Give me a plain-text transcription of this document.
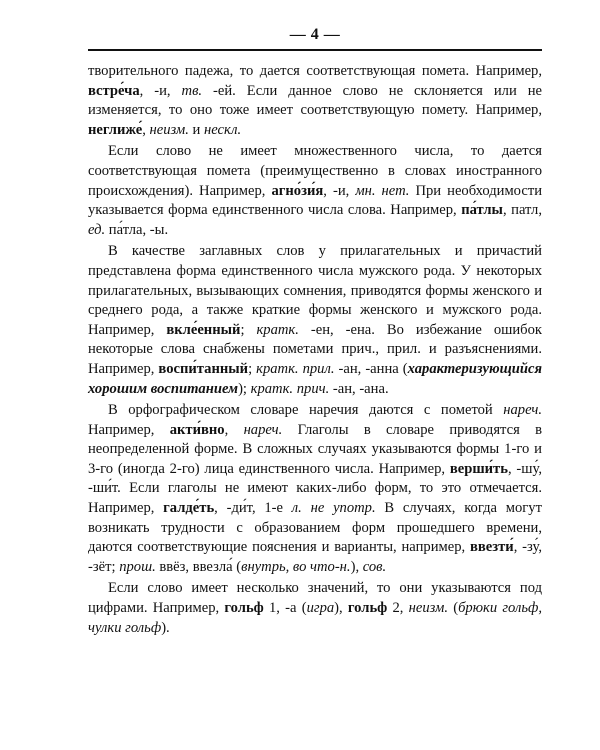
— 4 —

творительного падежа, то дается соответствующая помета. Например, встре́ча, -и, тв. -ей. Если данное слово не склоняется или не изменяется, то оно тоже имеет соответствующую помету. Например, неглиже́, неизм. и нескл.

Если слово не имеет множественного числа, то дается соответствующая помета (преимущественно в словах иностранного происхождения). Например, агно́зи́я, -и, мн. нет. При необходимости указывается форма единственного числа слова. Например, па́тлы, патл, ед. па́тла, -ы.

В качестве заглавных слов у прилагательных и причастий представлена форма единственного числа мужского рода. У некоторых прилагательных, вызывающих сомнения, приводятся формы женского и среднего рода, а также краткие формы женского и мужского рода. Например, вкле́енный; кратк. -ен, -ена. Во избежание ошибок некоторые слова снабжены пометами прич., прил. и разъяснениями. Например, воспи́танный; кратк. прил. -ан, -анна (характеризующийся хорошим воспитанием); кратк. прич. -ан, -ана.

В орфографическом словаре наречия даются с пометой нареч. Например, акти́вно, нареч. Глаголы в словаре приводятся в неопределенной форме. В сложных случаях указываются формы 1-го и 3-го (иногда 2-го) лица единственного числа. Например, верши́ть, -шу́, -ши́т. Если глаголы не имеют каких-либо форм, то это отмечается. Например, галде́ть, -ди́т, 1-е л. не употр. В случаях, когда могут возникать трудности с образованием форм прошедшего времени, даются соответствующие пояснения и варианты, например, ввезти́, -зу́, -зёт; прош. ввёз, ввезла́ (внутрь, во что-н.), сов.

Если слово имеет несколько значений, то они указываются под цифрами. Например, гольф 1, -а (игра), гольф 2, неизм. (брюки гольф, чулки гольф).
